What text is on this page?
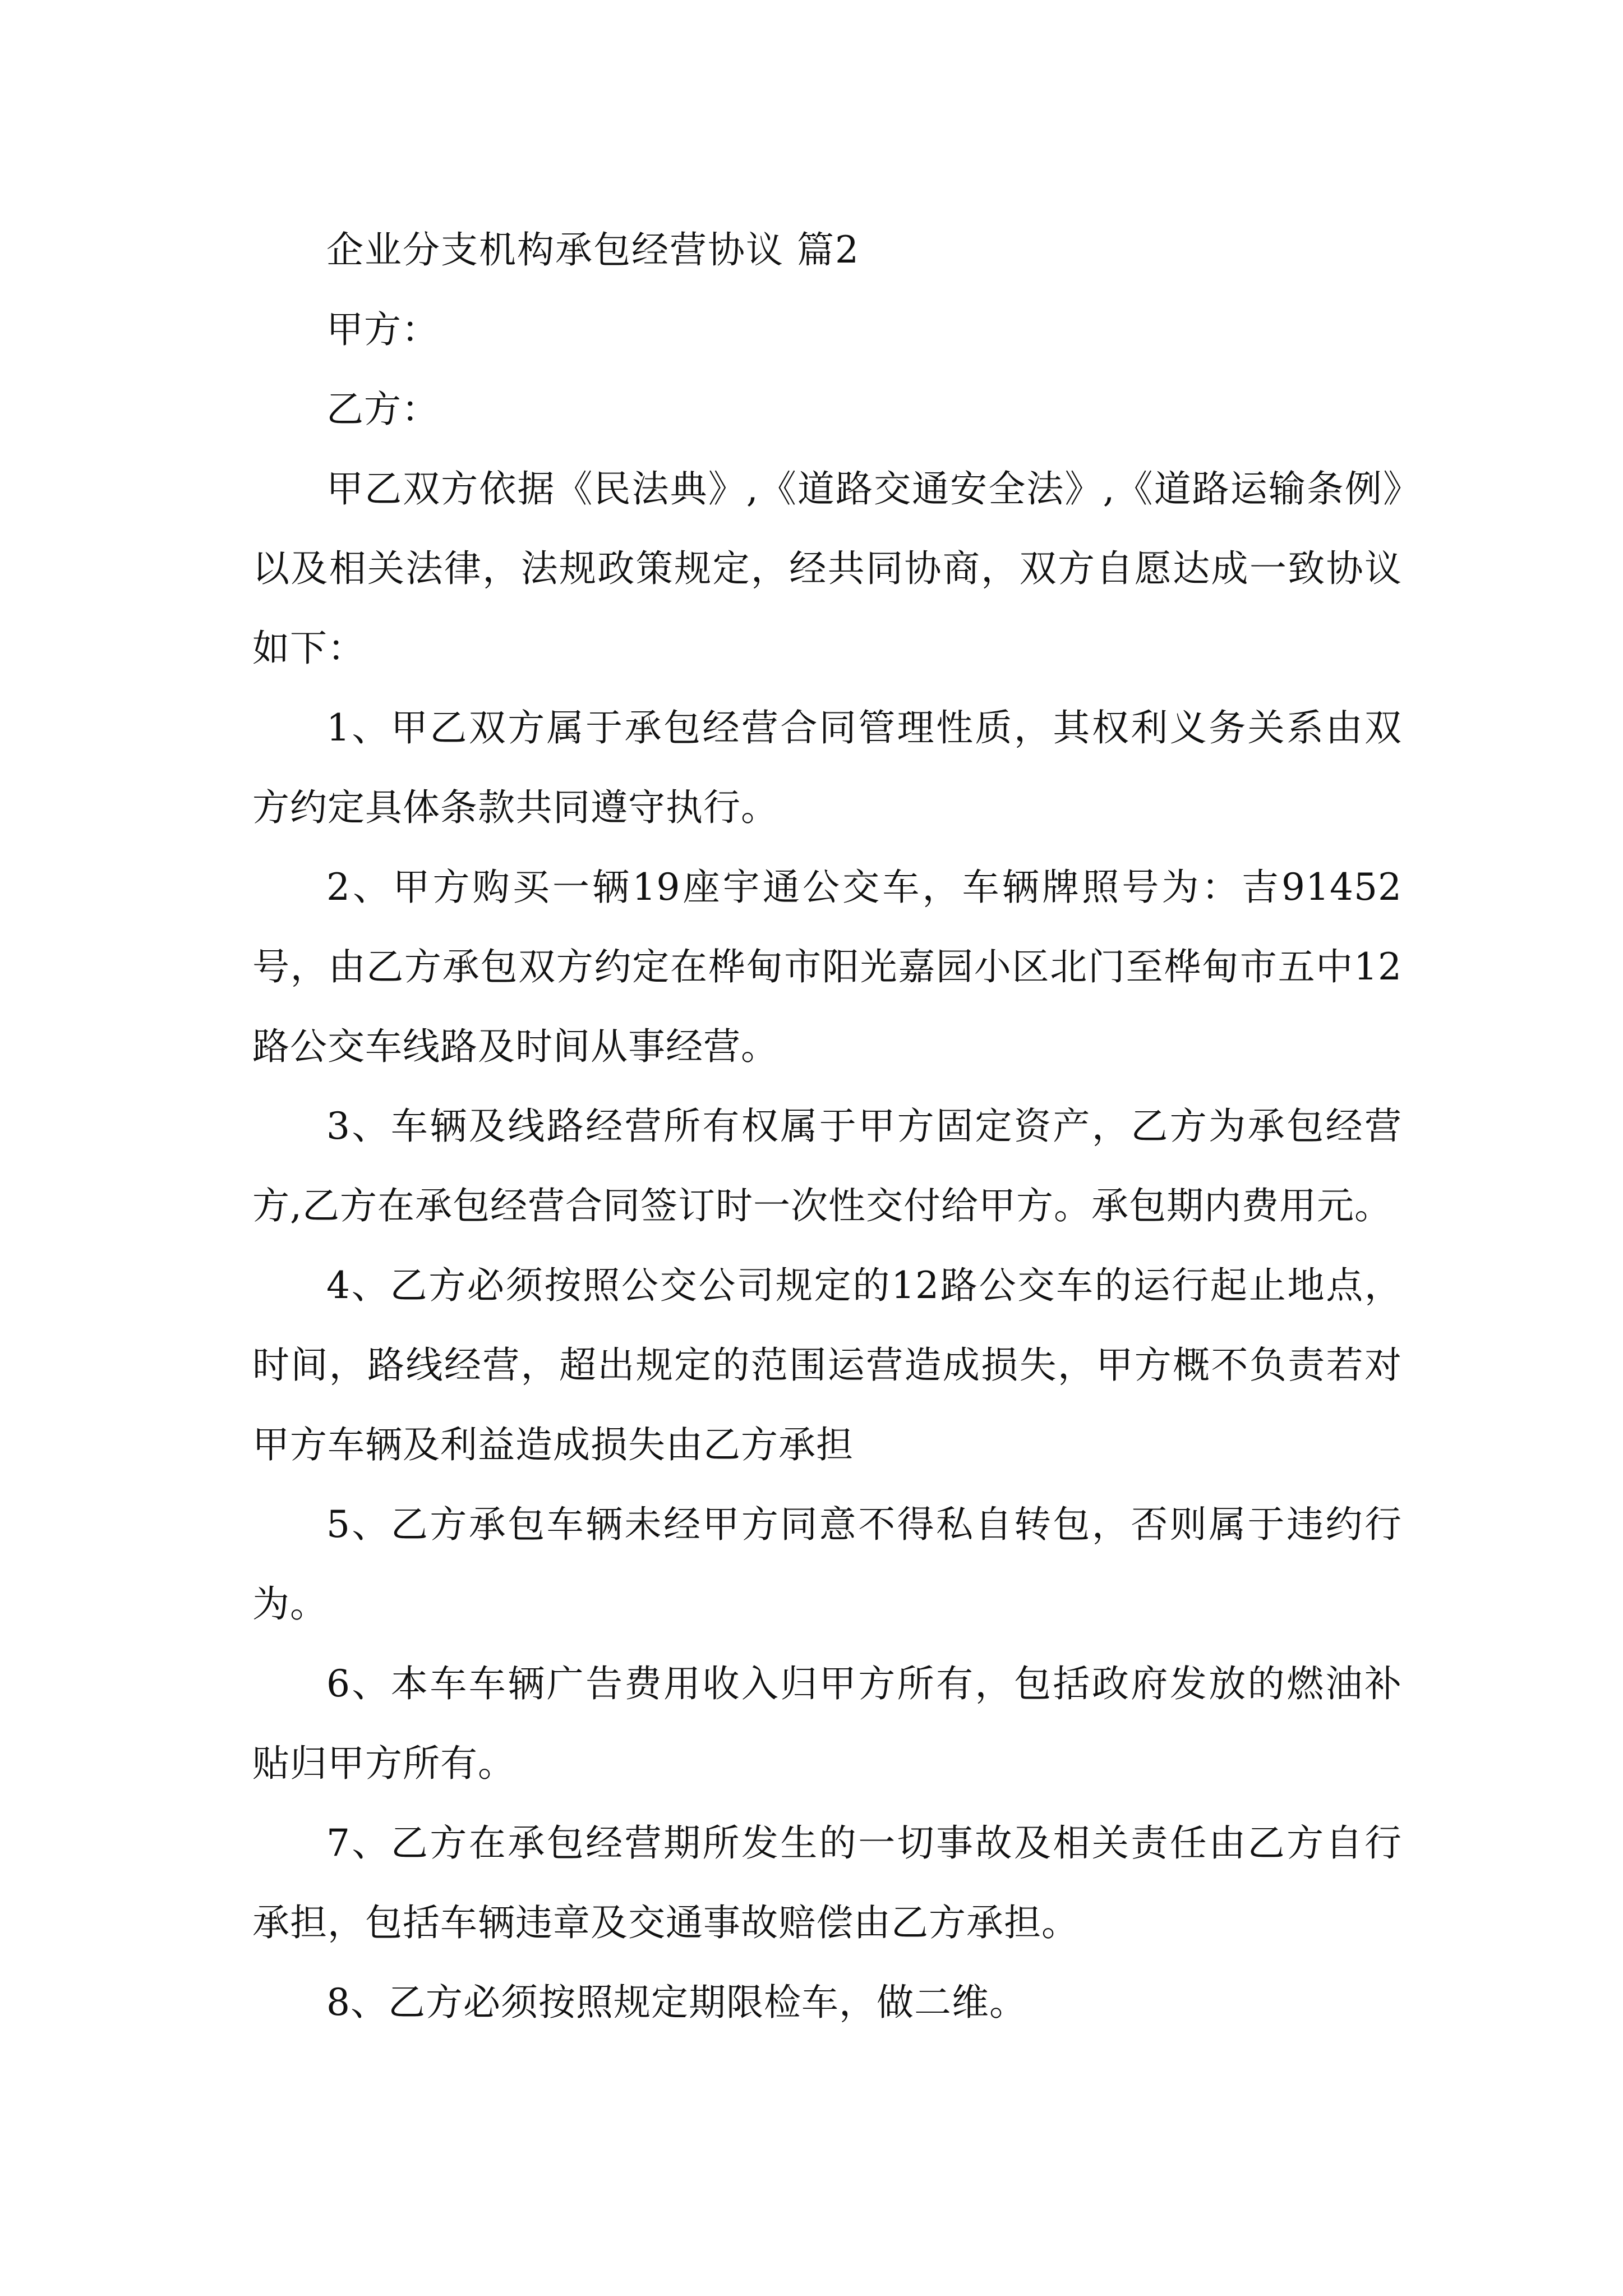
企业分支机构承包经营协议 篇2

甲方：

乙方：

甲乙双方依据《民法典》,《道路交通安全法》,《道路运输条例》以及相关法律，法规政策规定，经共同协商，双方自愿达成一致协议如下：

1、甲乙双方属于承包经营合同管理性质，其权利义务关系由双方约定具体条款共同遵守执行。

2、甲方购买一辆19座宇通公交车，车辆牌照号为：吉91452号，由乙方承包双方约定在桦甸市阳光嘉园小区北门至桦甸市五中12路公交车线路及时间从事经营。

3、车辆及线路经营所有权属于甲方固定资产，乙方为承包经营方,乙方在承包经营合同签订时一次性交付给甲方。承包期内费用元。

4、乙方必须按照公交公司规定的12路公交车的运行起止地点，时间，路线经营，超出规定的范围运营造成损失，甲方概不负责若对甲方车辆及利益造成损失由乙方承担

5、乙方承包车辆未经甲方同意不得私自转包，否则属于违约行为。

6、本车车辆广告费用收入归甲方所有，包括政府发放的燃油补贴归甲方所有。

7、乙方在承包经营期所发生的一切事故及相关责任由乙方自行承担，包括车辆违章及交通事故赔偿由乙方承担。

8、乙方必须按照规定期限检车，做二维。
